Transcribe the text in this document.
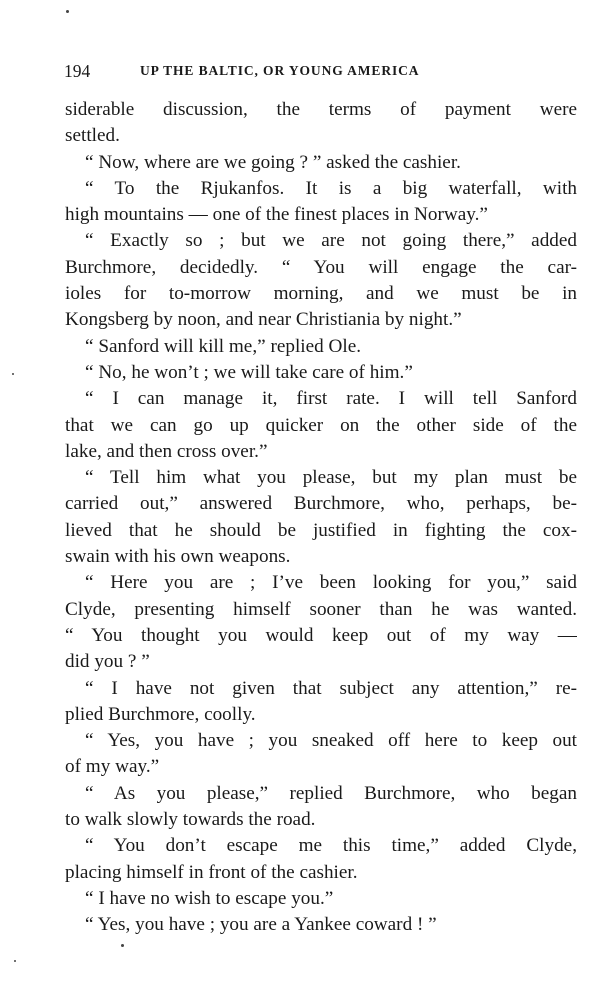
194	UP THE BALTIC, OR YOUNG AMERICA
siderable discussion, the terms of payment were
settled.
“ Now, where are we going ? ” asked the cashier.
“ To the Rjukanfos. It is a big waterfall, with
high mountains — one of the finest places in Norway.”
“ Exactly so ; but we are not going there,” added
Burchmore, decidedly. “ You will engage the car-
ioles for to-morrow morning, and we must be in
Kongsberg by noon, and near Christiania by night.”
“ Sanford will kill me,” replied Ole.
“ No, he won’t ; we will take care of him.”
“ I can manage it, first rate. I will tell Sanford
that we can go up quicker on the other side of the
lake, and then cross over.”
“ Tell him what you please, but my plan must be
carried out,” answered Burchmore, who, perhaps, be-
lieved that he should be justified in fighting the cox-
swain with his own weapons.
“ Here you are ; I’ve been looking for you,” said
Clyde, presenting himself sooner than he was wanted.
“ You thought you would keep out of my way —
did you ? ”
“ I have not given that subject any attention,” re-
plied Burchmore, coolly.
“ Yes, you have ; you sneaked off here to keep out
of my way.”
“ As you please,” replied Burchmore, who began
to walk slowly towards the road.
“ You don’t escape me this time,” added Clyde,
placing himself in front of the cashier.
“ I have no wish to escape you.”
“ Yes, you have ; you are a Yankee coward ! ”
